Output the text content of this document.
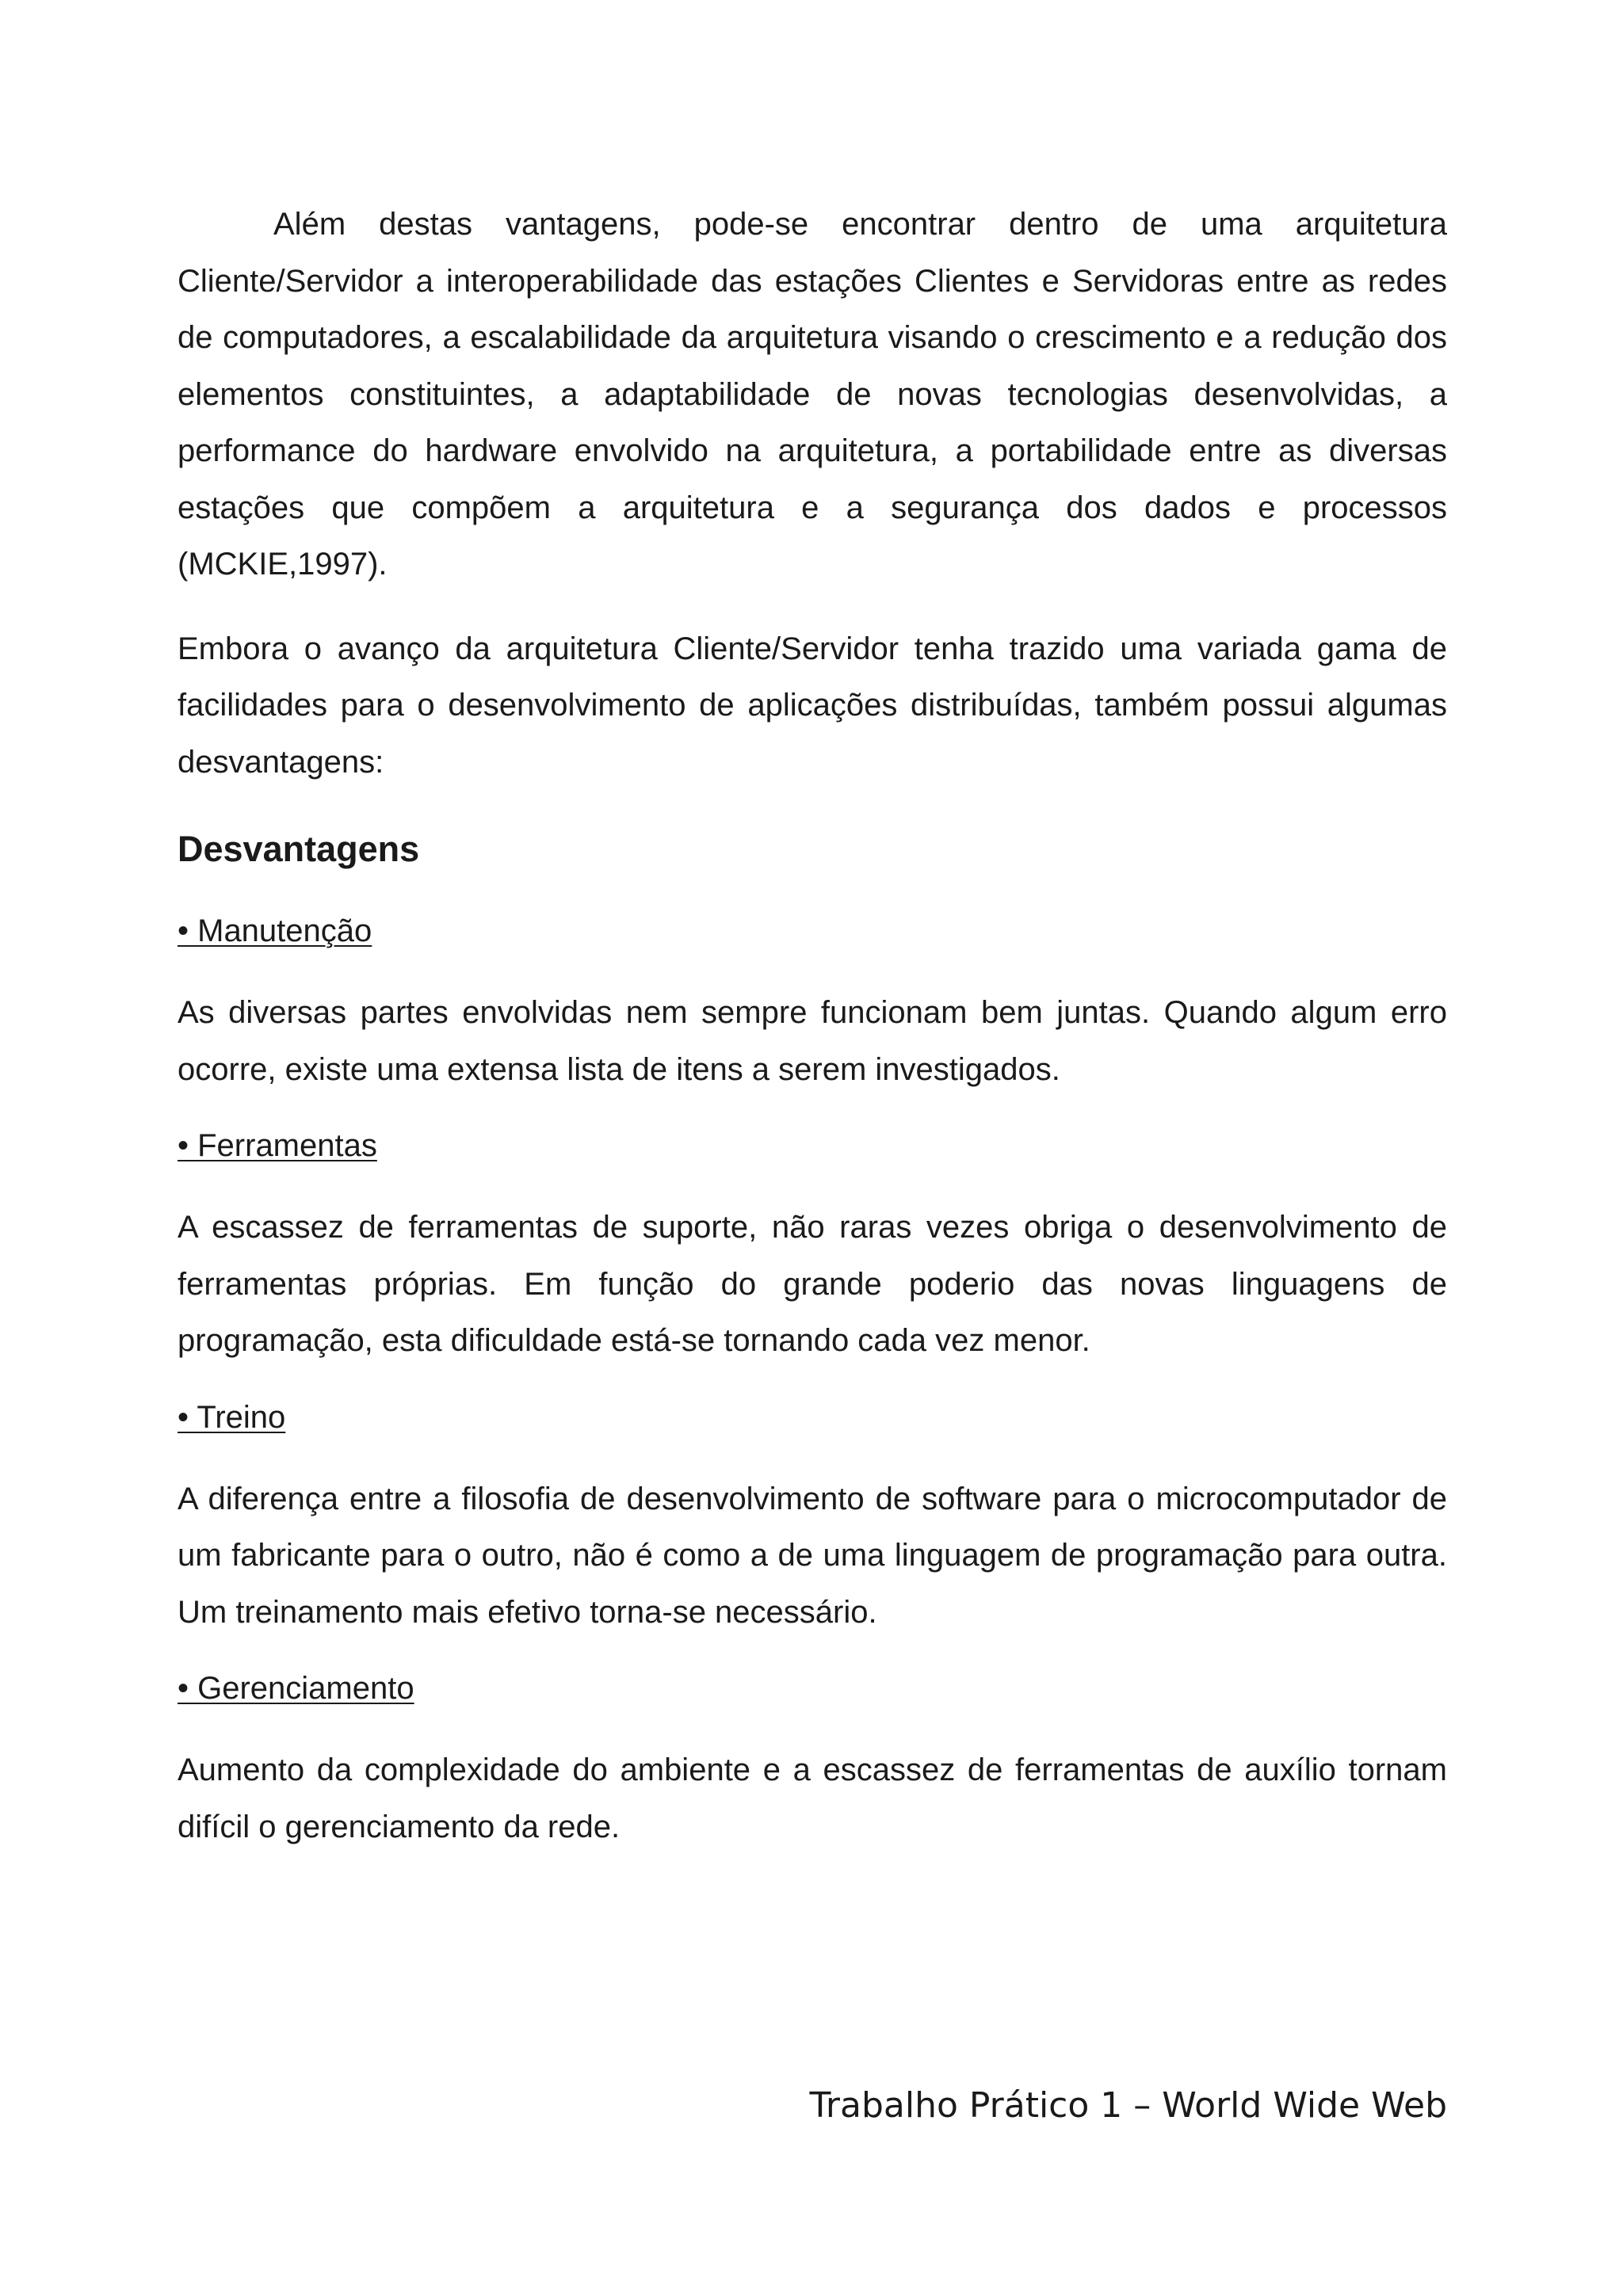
Além destas vantagens, pode-se encontrar dentro de uma arquitetura Cliente/Servidor a interoperabilidade das estações Clientes e Servidoras entre as redes de computadores, a escalabilidade da arquitetura visando o crescimento e a redução dos elementos constituintes, a adaptabilidade de novas tecnologias desenvolvidas, a performance do hardware envolvido na arquitetura, a portabilidade entre as diversas estações que compõem a arquitetura e a segurança dos dados e processos (MCKIE,1997).

Embora o avanço da arquitetura Cliente/Servidor tenha trazido uma variada gama de facilidades para o desenvolvimento de aplicações distribuídas, também possui algumas desvantagens:

Desvantagens
• Manutenção

As diversas partes envolvidas nem sempre funcionam bem juntas. Quando algum erro ocorre, existe uma extensa lista de itens a serem investigados.

• Ferramentas

A escassez de ferramentas de suporte, não raras vezes obriga o desenvolvimento de ferramentas próprias. Em função do grande poderio das novas linguagens de programação, esta dificuldade está-se tornando cada vez menor.

• Treino

A diferença entre a filosofia de desenvolvimento de software para o microcomputador de um fabricante para o outro, não é como a de uma linguagem de programação para outra. Um treinamento mais efetivo torna-se necessário.

• Gerenciamento

Aumento da complexidade do ambiente e a escassez de ferramentas de auxílio tornam difícil o gerenciamento da rede.

Trabalho Prático 1 – World Wide Web
